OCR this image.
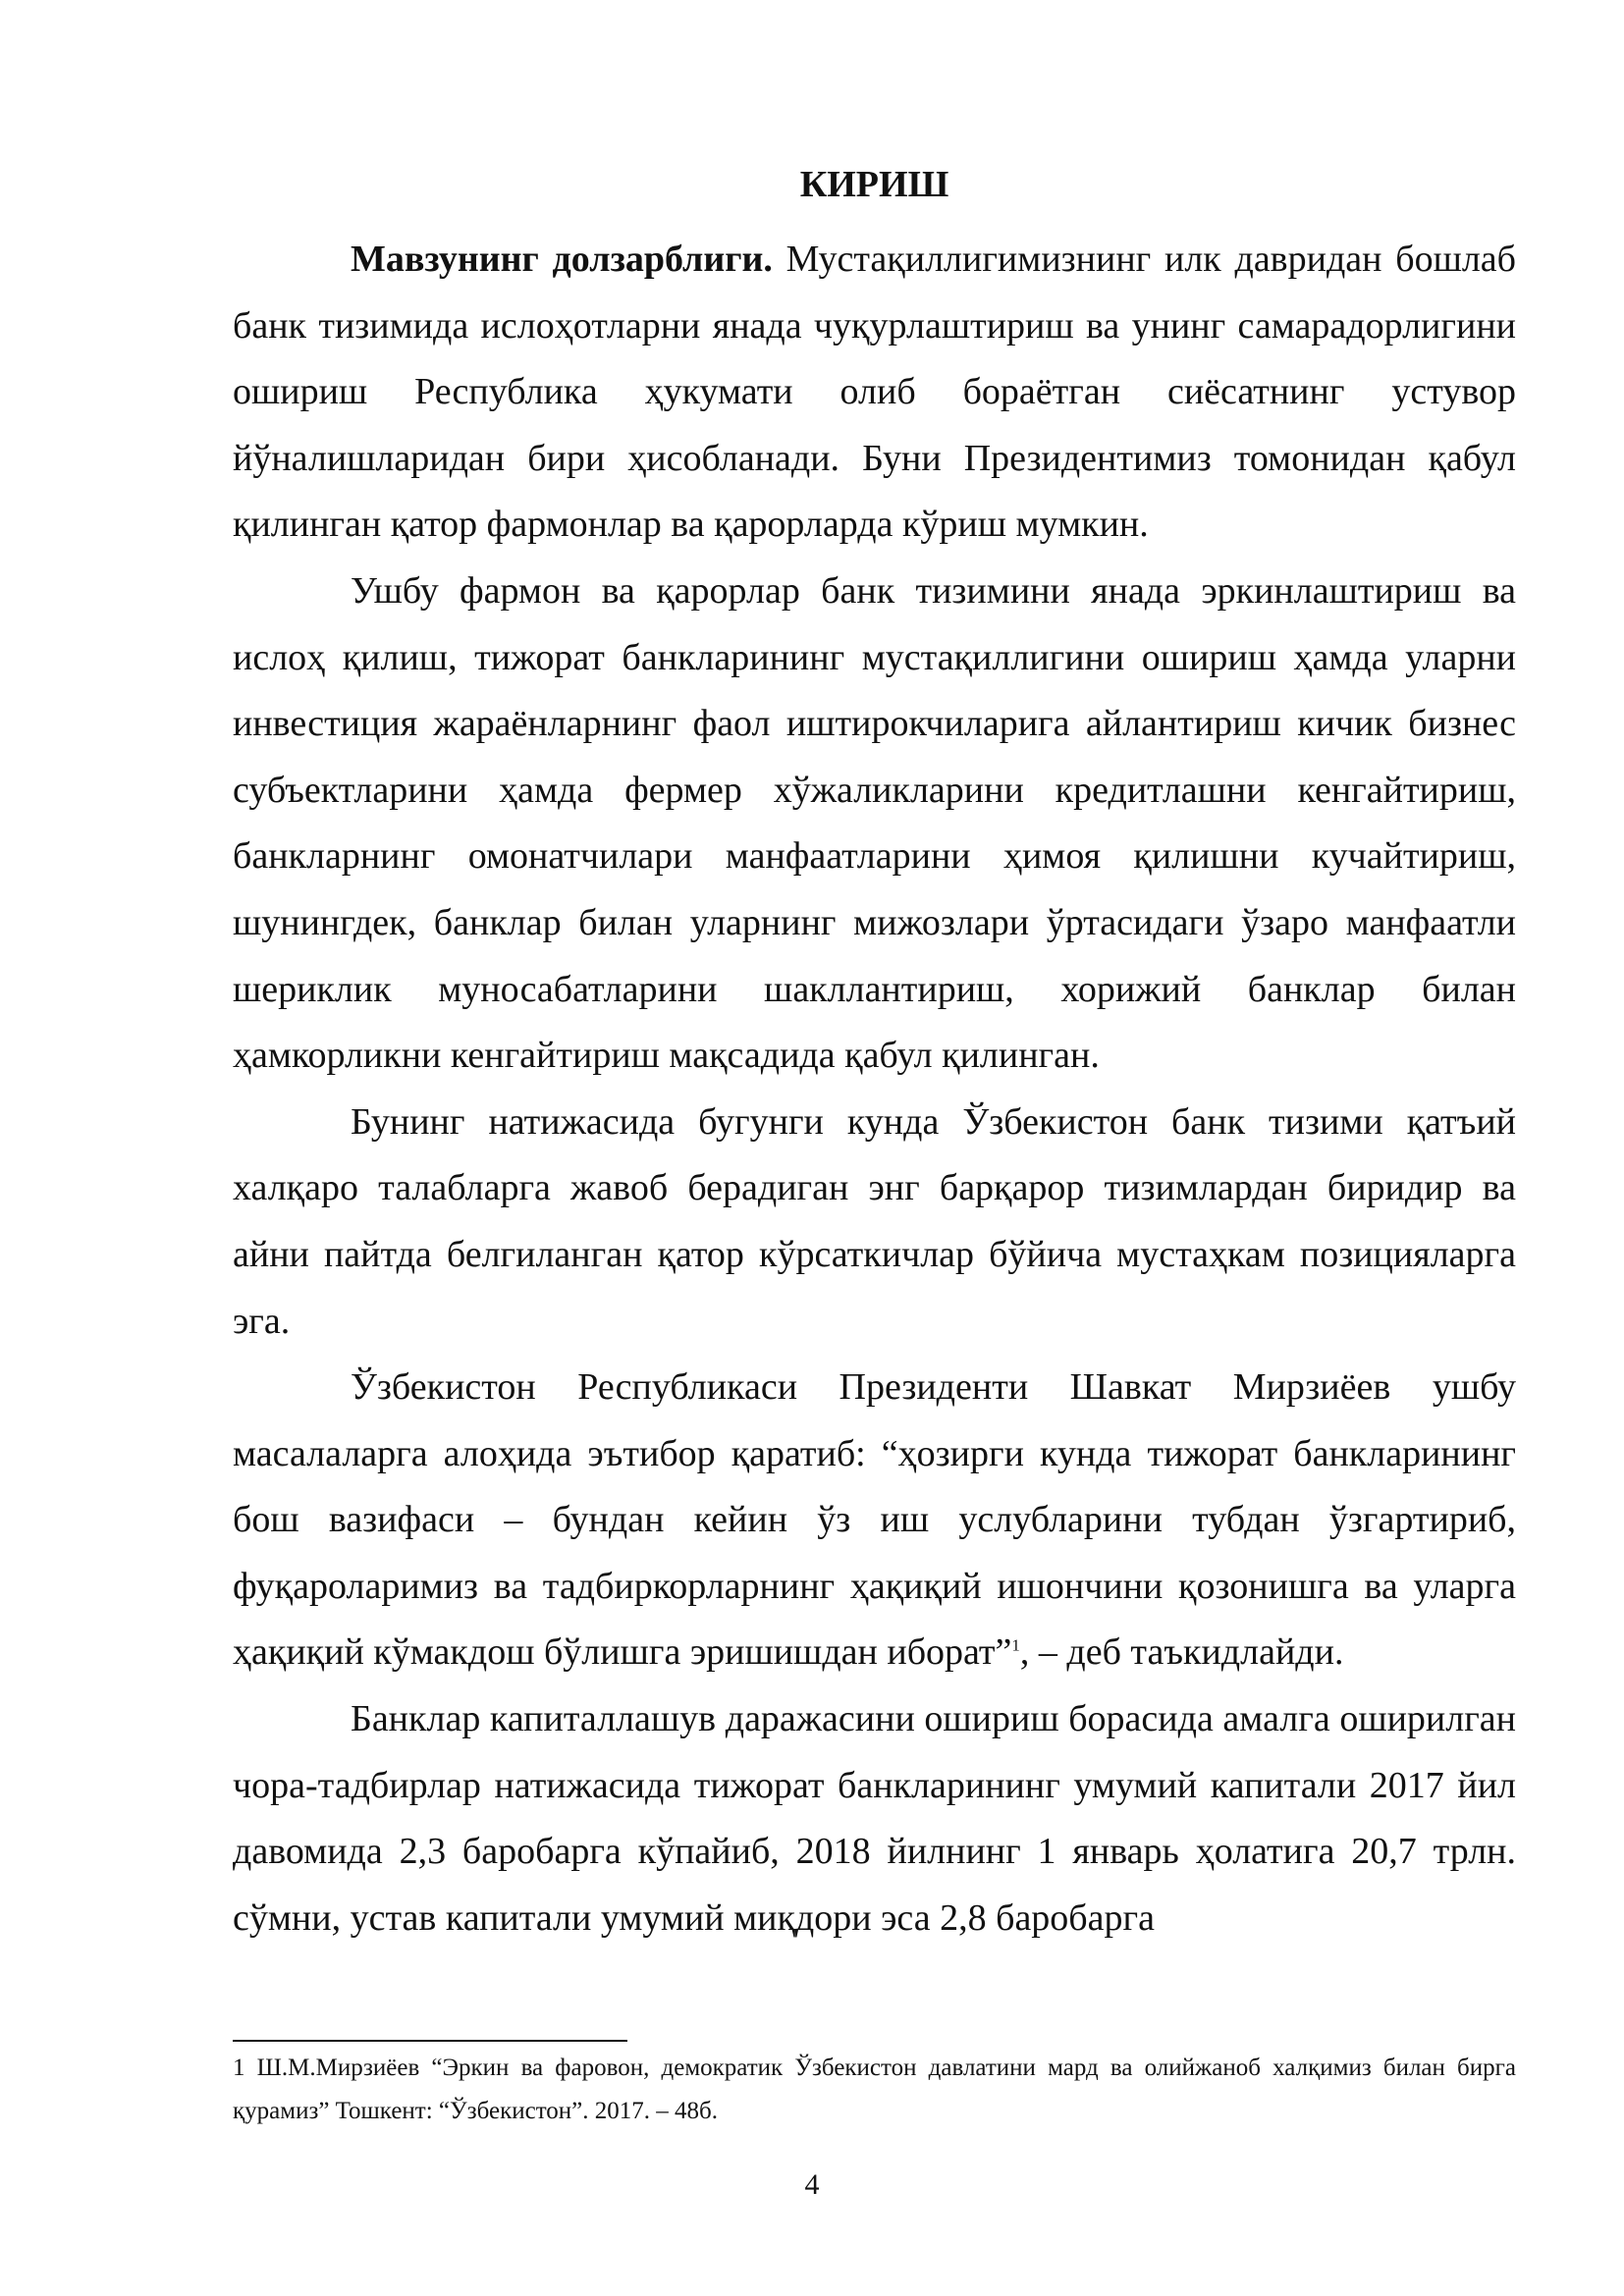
КИРИШ

Мавзунинг долзарблиги. Мустақиллигимизнинг илк давридан бошлаб банк тизимида ислоҳотларни янада чуқурлаштириш ва унинг самарадорлигини ошириш Республика ҳукумати олиб бораётган сиёсатнинг устувор йўналишларидан бири ҳисобланади. Буни Президентимиз томонидан қабул қилинган қатор фармонлар ва қарорларда кўриш мумкин.

Ушбу фармон ва қарорлар банк тизимини янада эркинлаштириш ва ислоҳ қилиш, тижорат банкларининг мустақиллигини ошириш ҳамда уларни инвестиция жараёнларнинг фаол иштирокчиларига айлантириш кичик бизнес субъектларини ҳамда фермер хўжаликларини кредитлашни кенгайтириш, банкларнинг омонатчилари манфаатларини ҳимоя қилишни кучайтириш, шунингдек, банклар билан уларнинг мижозлари ўртасидаги ўзаро манфаатли шериклик муносабатларини шакллантириш, хорижий банклар билан ҳамкорликни кенгайтириш мақсадида қабул қилинган.

Бунинг натижасида бугунги кунда Ўзбекистон банк тизими қатъий халқаро талабларга жавоб берадиган энг барқарор тизимлардан биридир ва айни пайтда белгиланган қатор кўрсаткичлар бўйича мустаҳкам позицияларга эга.

Ўзбекистон Республикаси Президенти Шавкат Мирзиёев ушбу масалаларга алоҳида эътибор қаратиб: “ҳозирги кунда тижорат банкларининг бош вазифаси – бундан кейин ўз иш услубларини тубдан ўзгартириб, фуқароларимиз ва тадбиркорларнинг ҳақиқий ишончини қозонишга ва уларга ҳақиқий кўмакдош бўлишга эришишдан иборат”$^1$, – деб таъкидлайди.

Банклар капиталлашув даражасини ошириш борасида амалга оширилган чора-тадбирлар натижасида тижорат банкларининг умумий капитали 2017 йил давомида 2,3 баробарга кўпайиб, 2018 йилнинг 1 январь ҳолатига 20,7 трлн. сўмни, устав капитали умумий миқдори эса 2,8 баробарга

1 Ш.М.Мирзиёев “Эркин ва фаровон, демократик Ўзбекистон давлатини мард ва олийжаноб халқимиз билан бирга қурамиз” Тошкент: “Ўзбекистон”. 2017. – 48б.
4
